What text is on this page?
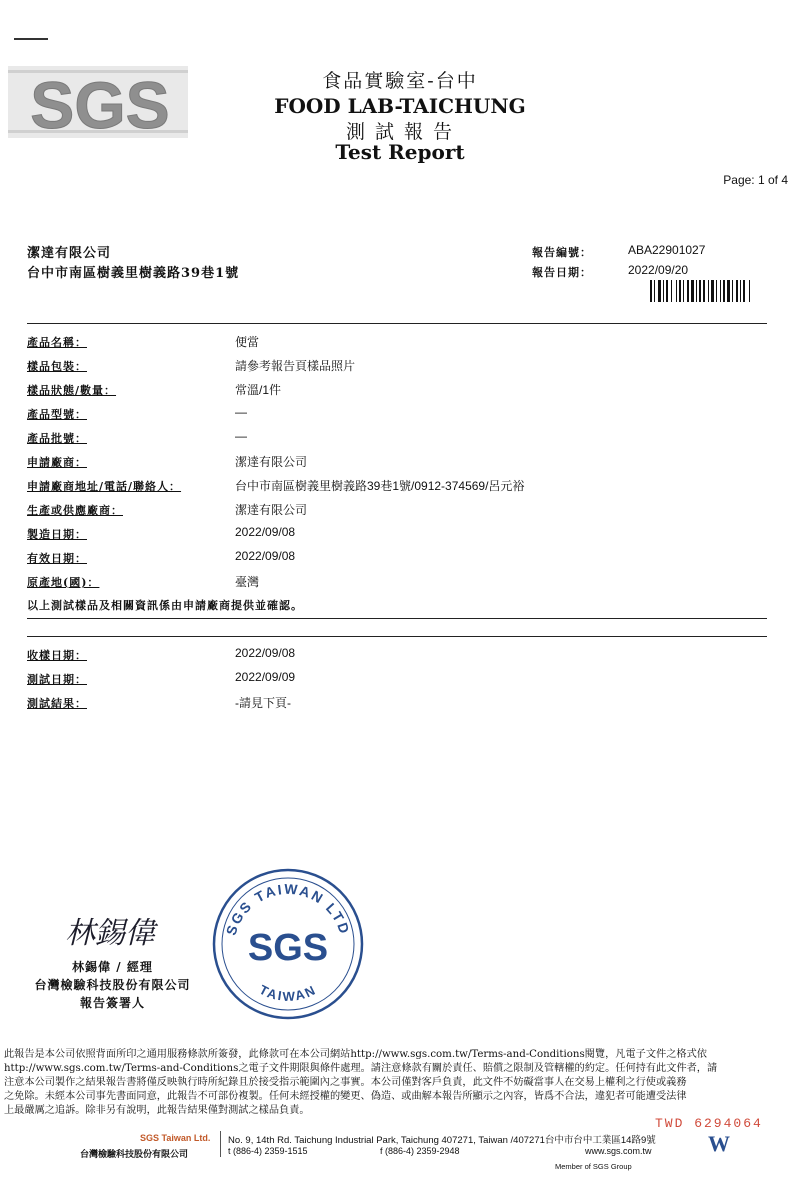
SGS	食品實驗室-台中
FOOD LAB-TAICHUNG
測 試 報 告
Test Report
Page: 1 of 4
潔達有限公司
台中市南區樹義里樹義路39巷1號
報告編號：	ABA22901027
報告日期：	2022/09/20
產品名稱：	便當
樣品包裝：	請參考報告頁樣品照片
樣品狀態/數量：	常溫/1件
產品型號：	—
產品批號：	—
申請廠商：	潔達有限公司
申請廠商地址/電話/聯絡人：	台中市南區樹義里樹義路39巷1號/0912-374569/呂元裕
生產或供應廠商：	潔達有限公司
製造日期：	2022/09/08
有效日期：	2022/09/08
原產地(國)：	臺灣
以上測試樣品及相關資訊係由申請廠商提供並確認。
收樣日期：	2022/09/08
測試日期：	2022/09/09
測試結果：	-請見下頁-
林錫偉
林錫偉 / 經理
台灣檢驗科技股份有限公司
報告簽署人
SGS TAIWAN LTD
SGS
TAIWAN
此報告是本公司依照背面所印之通用服務條款所簽發，此條款可在本公司網站http://www.sgs.com.tw/Terms-and-Conditions閱覽，凡電子文件之格式依
http://www.sgs.com.tw/Terms-and-Conditions之電子文件期限與條件處理。請注意條款有關於責任、賠償之限制及管轄權的約定。任何持有此文件者，請
注意本公司製作之結果報告書將僅反映執行時所紀錄且於接受指示範圍內之事實。本公司僅對客戶負責，此文件不妨礙當事人在交易上權利之行使或義務
之免除。未經本公司事先書面同意，此報告不可部份複製。任何未經授權的變更、偽造、或曲解本報告所顯示之內容，皆爲不合法，違犯者可能遭受法律
上最嚴厲之追訴。除非另有說明，此報告結果僅對測試之樣品負責。
TWD 6294064
SGS Taiwan Ltd.
台灣檢驗科技股份有限公司
No. 9, 14th Rd. Taichung Industrial Park, Taichung 407271, Taiwan /407271台中市台中工業區14路9號
t (886-4) 2359-1515	f (886-4) 2359-2948	www.sgs.com.tw
Member of SGS Group
W
